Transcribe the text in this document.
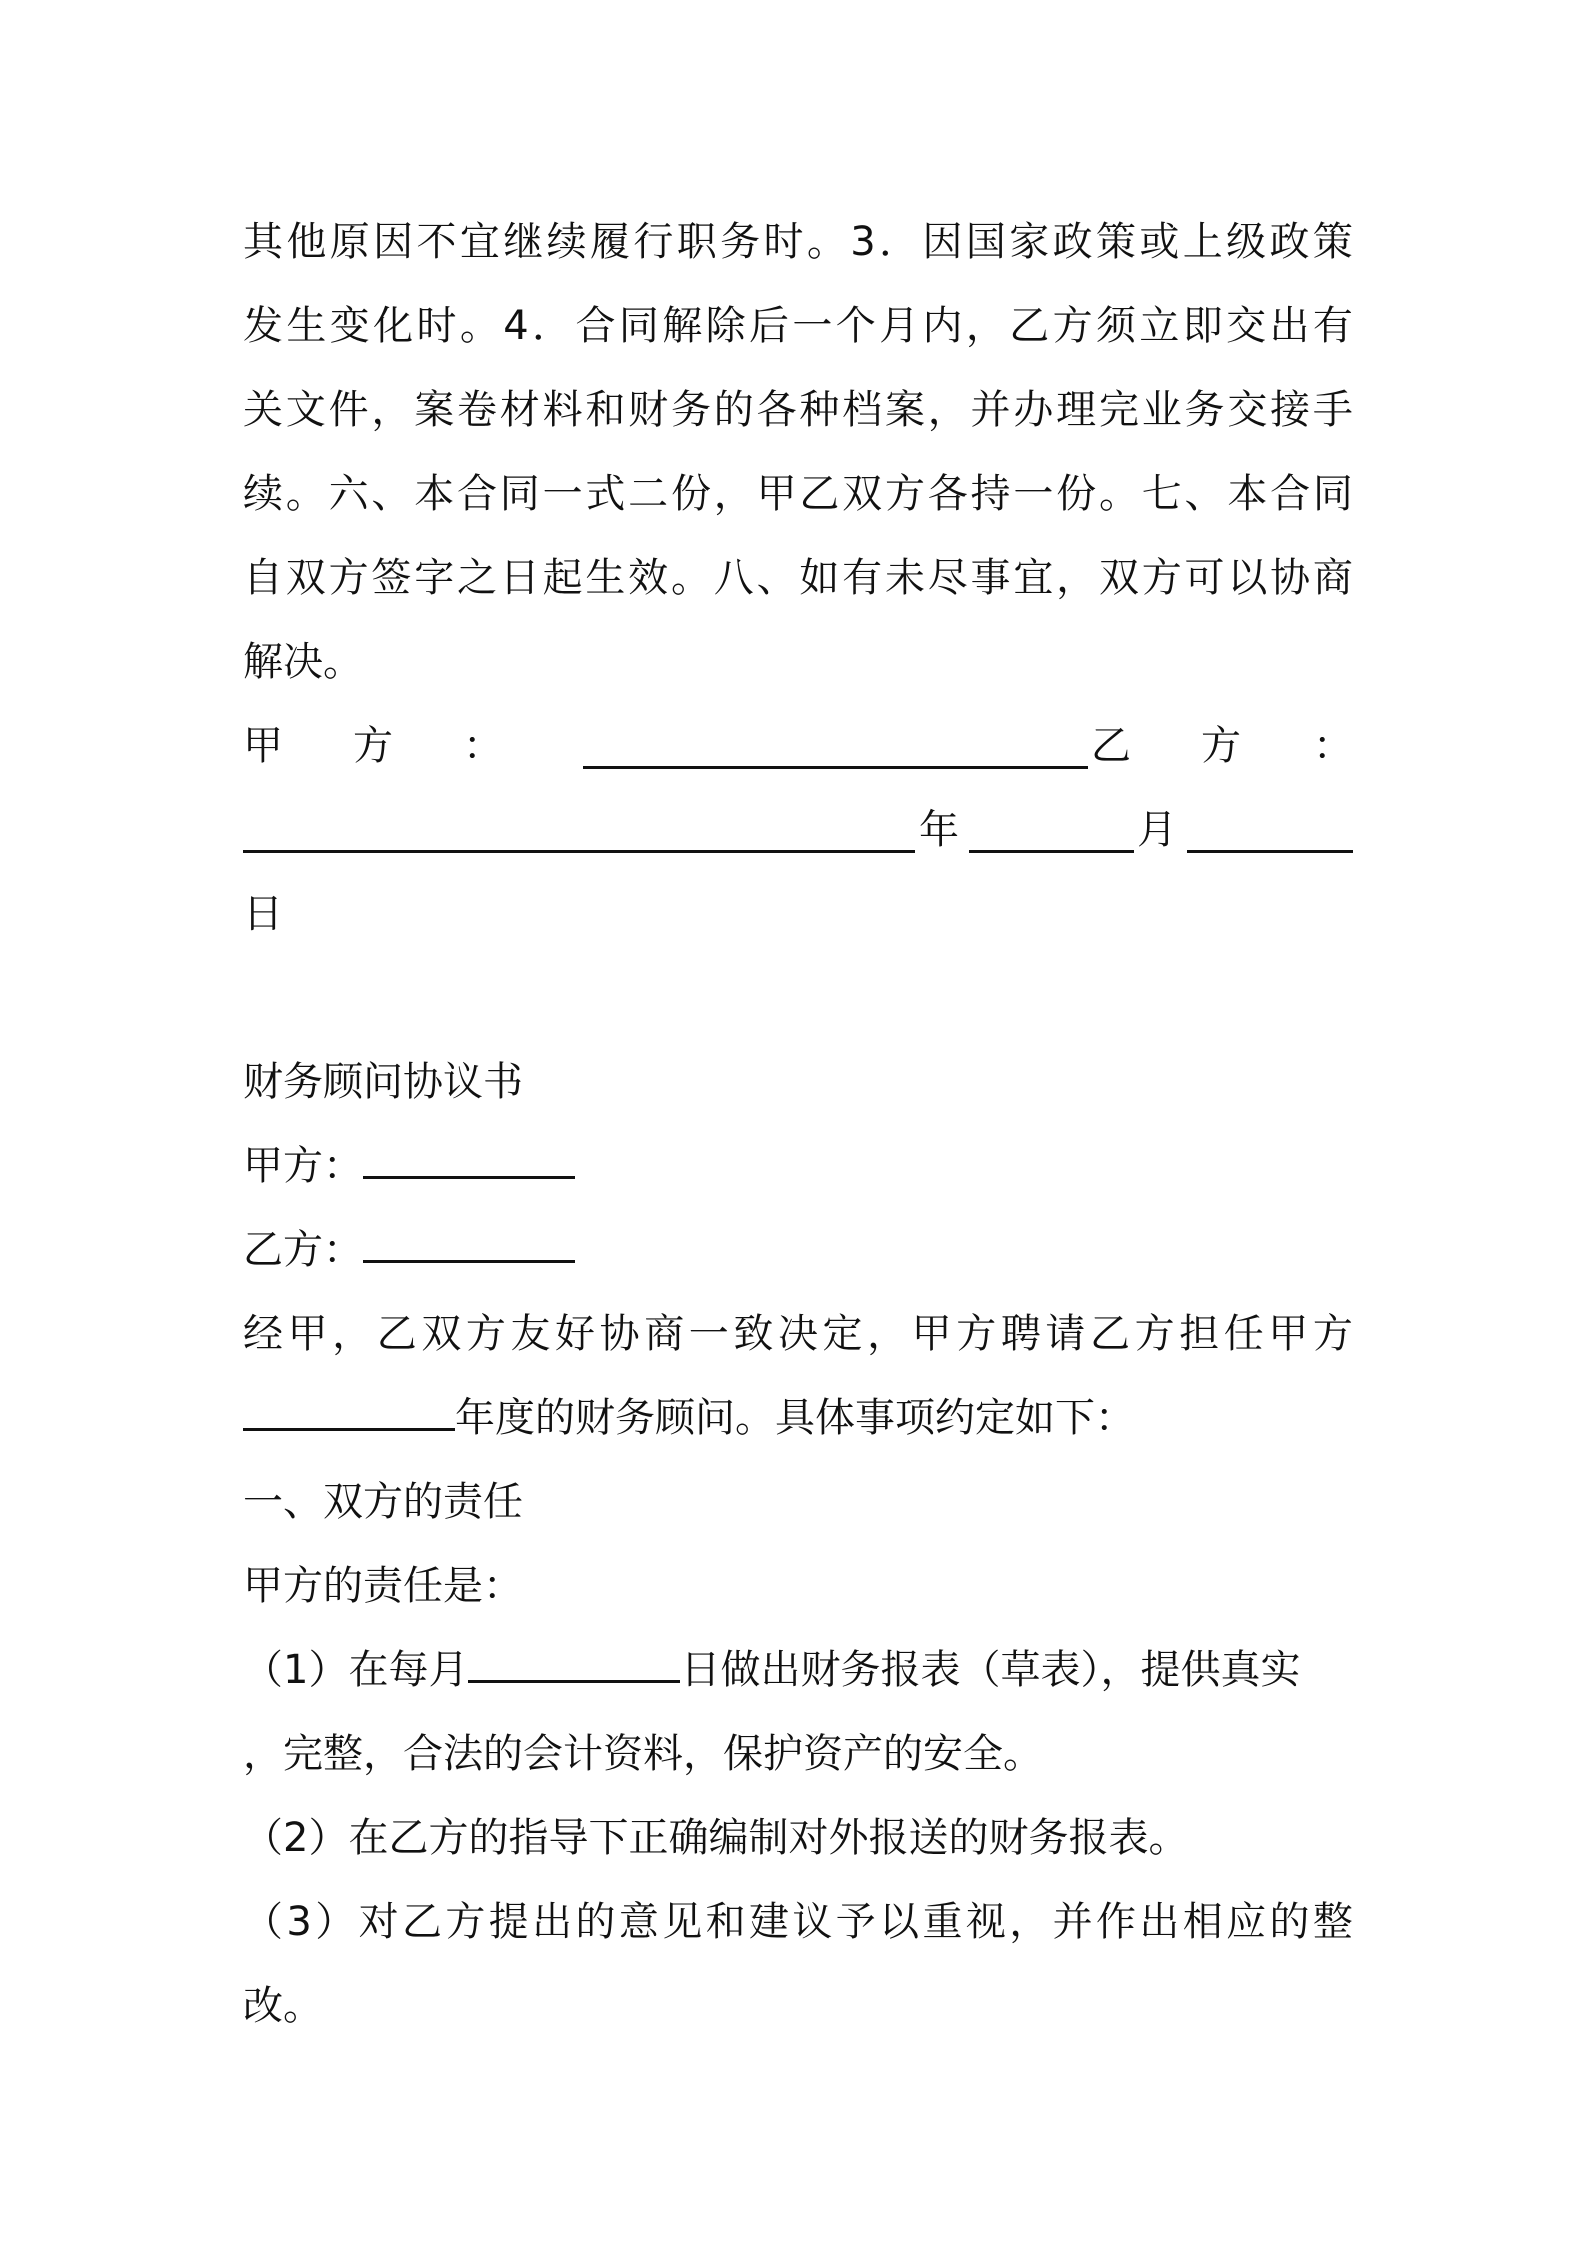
其 他 原 因 不 宜 继 续 履 行 职 务 时 。 3 ． 因 国 家 政 策 或 上 级 政 策
发 生 变 化 时 。 4 ． 合 同 解 除 后 一 个 月 内 ， 乙 方 须 立 即 交 出 有
关 文 件 ， 案 卷 材 料 和 财 务 的 各 种 档 案 ， 并 办 理 完 业 务 交 接 手
续 。 六 、 本 合 同 一 式 二 份 ， 甲 乙 双 方 各 持 一 份 。 七 、 本 合 同
自 双 方 签 字 之 日 起 生 效 。 八 、 如 有 未 尽 事 宜 ， 双 方 可 以 协 商
解决。
甲 方 ：	乙 方 ：
年	月
日
财务顾问协议书
甲方：
乙方：
经 甲 ， 乙 双 方 友 好 协 商 一 致 决 定 ， 甲 方 聘 请 乙 方 担 任 甲 方
年度的财务顾问。具体事项约定如下：
一、双方的责任
甲方的责任是：
（1）在每月	日做出财务报表（草表），提供真实
，完整，合法的会计资料，保护资产的安全。
（2）在乙方的指导下正确编制对外报送的财务报表。
（ 3 ） 对 乙 方 提 出 的 意 见 和 建 议 予 以 重 视 ， 并 作 出 相 应 的 整
改。
